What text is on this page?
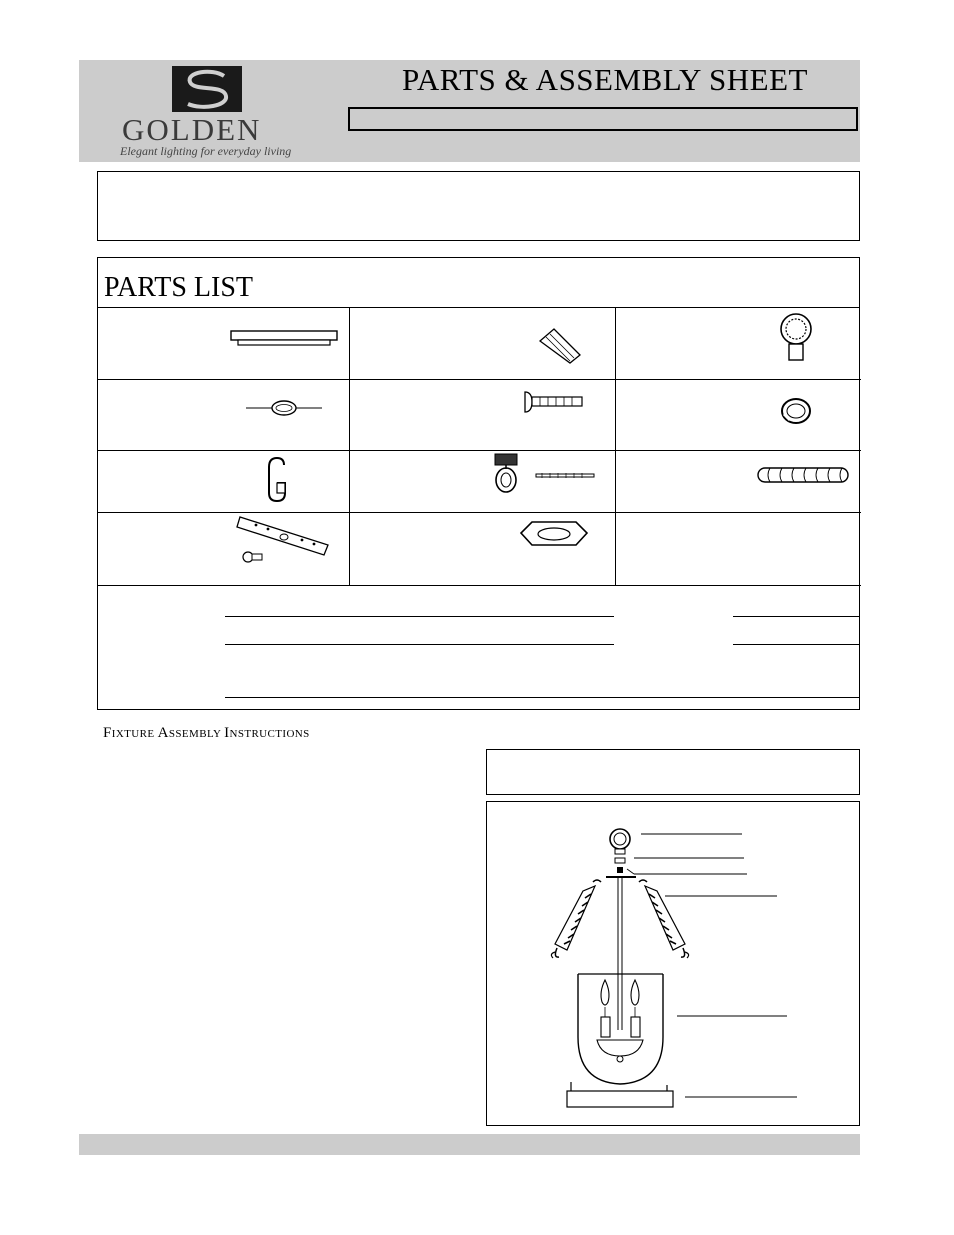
GOLDEN
Elegant lighting for everyday living
PARTS & ASSEMBLY SHEET
PARTS LIST
FIXTURE ASSEMBLY INSTRUCTIONS
